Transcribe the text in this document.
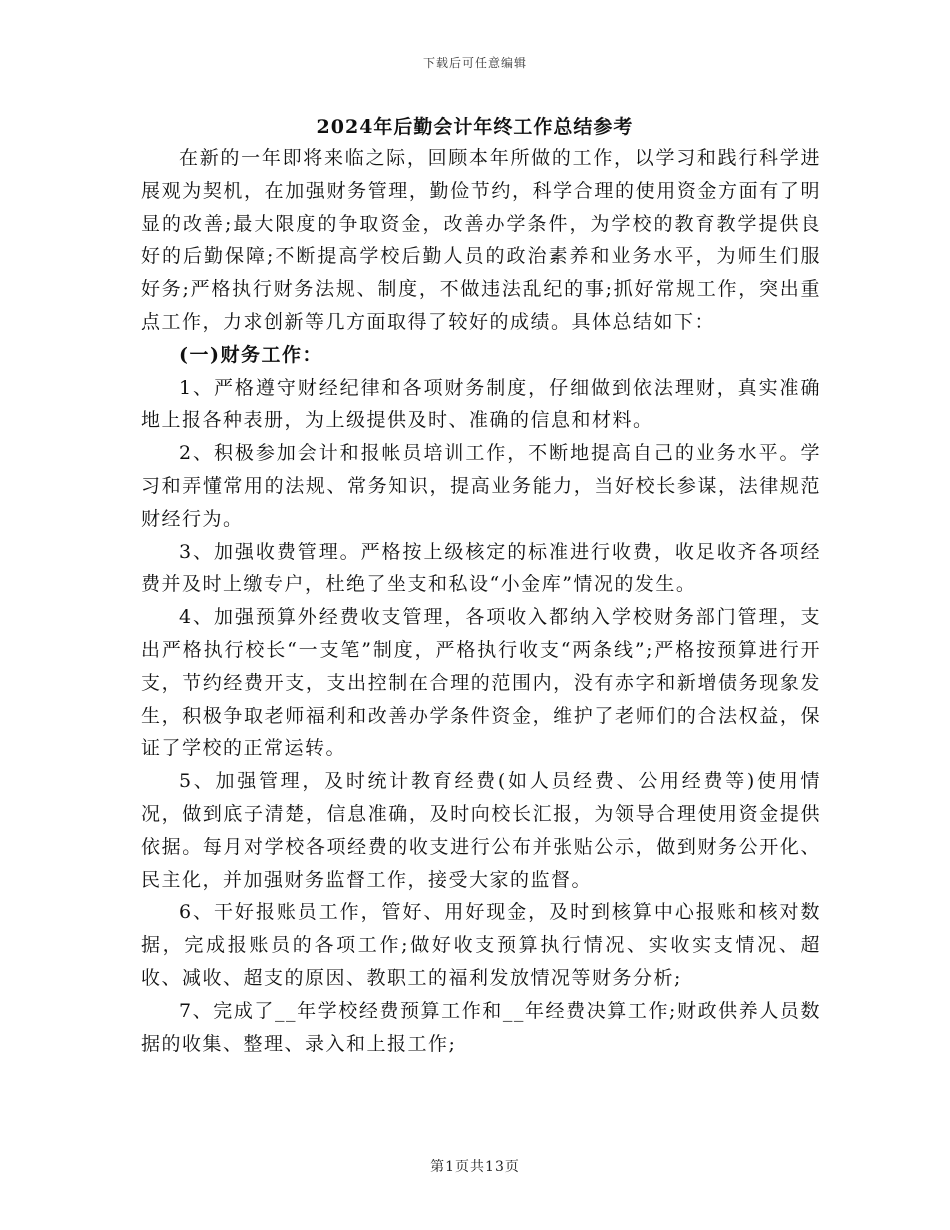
下载后可任意编辑
2024年后勤会计年终工作总结参考

在新的一年即将来临之际，回顾本年所做的工作，以学习和践行科学进展观为契机，在加强财务管理，勤俭节约，科学合理的使用资金方面有了明显的改善;最大限度的争取资金，改善办学条件，为学校的教育教学提供良好的后勤保障;不断提高学校后勤人员的政治素养和业务水平，为师生们服好务;严格执行财务法规、制度，不做违法乱纪的事;抓好常规工作，突出重点工作，力求创新等几方面取得了较好的成绩。具体总结如下：

(一)财务工作：

1、严格遵守财经纪律和各项财务制度，仔细做到依法理财，真实准确地上报各种表册，为上级提供及时、准确的信息和材料。

2、积极参加会计和报帐员培训工作，不断地提高自己的业务水平。学习和弄懂常用的法规、常务知识，提高业务能力，当好校长参谋，法律规范财经行为。

3、加强收费管理。严格按上级核定的标准进行收费，收足收齐各项经费并及时上缴专户，杜绝了坐支和私设“小金库”情况的发生。

4、加强预算外经费收支管理，各项收入都纳入学校财务部门管理，支出严格执行校长“一支笔”制度，严格执行收支“两条线”;严格按预算进行开支，节约经费开支，支出控制在合理的范围内，没有赤字和新增债务现象发生，积极争取老师福利和改善办学条件资金，维护了老师们的合法权益，保证了学校的正常运转。

5、加强管理，及时统计教育经费(如人员经费、公用经费等)使用情况，做到底子清楚，信息准确，及时向校长汇报，为领导合理使用资金提供依据。每月对学校各项经费的收支进行公布并张贴公示，做到财务公开化、民主化，并加强财务监督工作，接受大家的监督。

6、干好报账员工作，管好、用好现金，及时到核算中心报账和核对数据，完成报账员的各项工作;做好收支预算执行情况、实收实支情况、超收、减收、超支的原因、教职工的福利发放情况等财务分析;

7、完成了__年学校经费预算工作和__年经费决算工作;财政供养人员数据的收集、整理、录入和上报工作;

第1页共13页
